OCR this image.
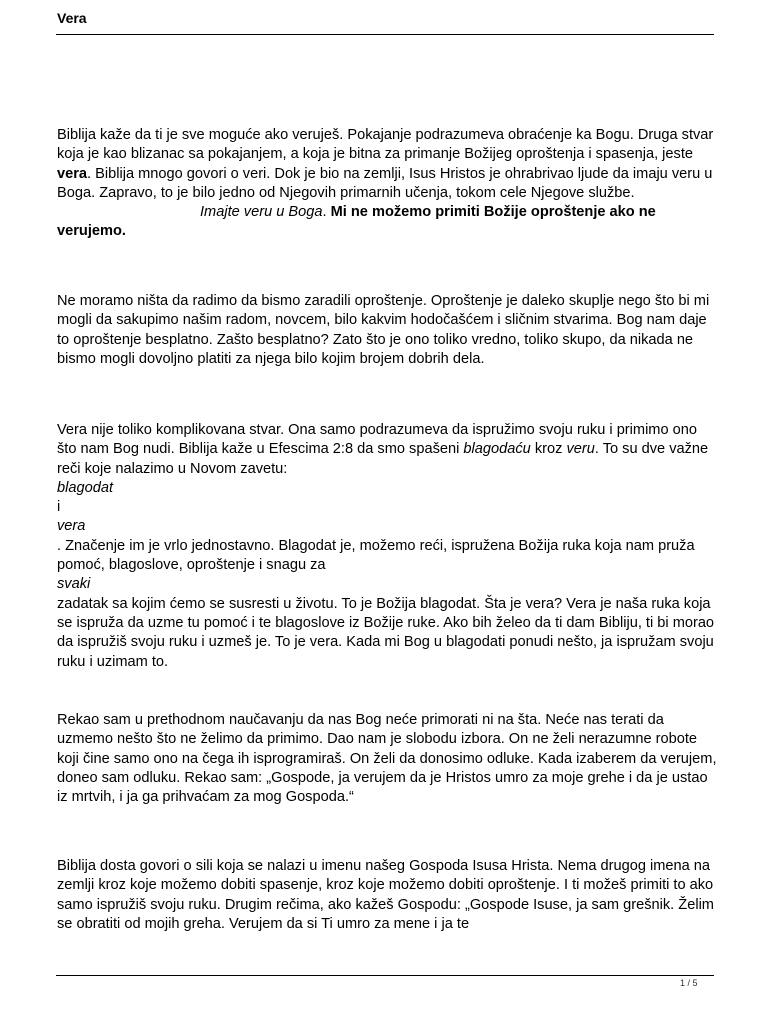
Vera
Biblija kaže da ti je sve moguće ako veruješ. Pokajanje podrazumeva obraćenje ka Bogu. Druga stvar koja je kao blizanac sa pokajanjem, a koja je bitna za primanje Božijeg oproštenja i spasenja, jeste vera. Biblija mnogo govori o veri. Dok je bio na zemlji, Isus Hristos je ohrabrivao ljude da imaju veru u Boga. Zapravo, to je bilo jedno od Njegovih primarnih učenja, tokom cele Njegove službe.Imajte veru u Boga. Mi ne možemo primiti Božije oproštenje ako ne verujemo.
Ne moramo ništa da radimo da bismo zaradili oproštenje. Oproštenje je daleko skuplje nego što bi mi mogli da sakupimo našim radom, novcem, bilo kakvim hodočašćem i sličnim stvarima. Bog nam daje to oproštenje besplatno. Zašto besplatno? Zato što je ono toliko vredno, toliko skupo, da nikada ne bismo mogli dovoljno platiti za njega bilo kojim brojem dobrih dela.
Vera nije toliko komplikovana stvar. Ona samo podrazumeva da ispružimo svoju ruku i primimo ono što nam Bog nudi. Biblija kaže u Efescima 2:8 da smo spašeni blagodaću kroz veru. To su dve važne reči koje nalazimo u Novom zavetu:
blagodat
i
vera
. Značenje im je vrlo jednostavno. Blagodat je, možemo reći, ispružena Božija ruka koja nam pruža pomoć, blagoslove, oproštenje i snagu za
svaki
zadatak sa kojim ćemo se susresti u životu. To je Božija blagodat. Šta je vera? Vera je naša ruka koja se ispruža da uzme tu pomoć i te blagoslove iz Božije ruke. Ako bih želeo da ti dam Bibliju, ti bi morao da ispružiš svoju ruku i uzmeš je. To je vera. Kada mi Bog u blagodati ponudi nešto, ja ispružam svoju ruku i uzimam to.
Rekao sam u prethodnom naučavanju da nas Bog neće primorati ni na šta. Neće nas terati da uzmemo nešto što ne želimo da primimo. Dao nam je slobodu izbora. On ne želi nerazumne robote koji čine samo ono na čega ih isprogramiraš. On želi da donosimo odluke. Kada izaberem da verujem, doneo sam odluku. Rekao sam: „Gospode, ja verujem da je Hristos umro za moje grehe i da je ustao iz mrtvih, i ja ga prihvaćam za mog Gospoda.“
Biblija dosta govori o sili koja se nalazi u imenu našeg Gospoda Isusa Hrista. Nema drugog imena na zemlji kroz koje možemo dobiti spasenje, kroz koje možemo dobiti oproštenje. I ti možeš primiti to ako samo ispružiš svoju ruku. Drugim rečima, ako kažeš Gospodu: „Gospode Isuse, ja sam grešnik. Želim se obratiti od mojih greha. Verujem da si Ti umro za mene i ja te
1 / 5
